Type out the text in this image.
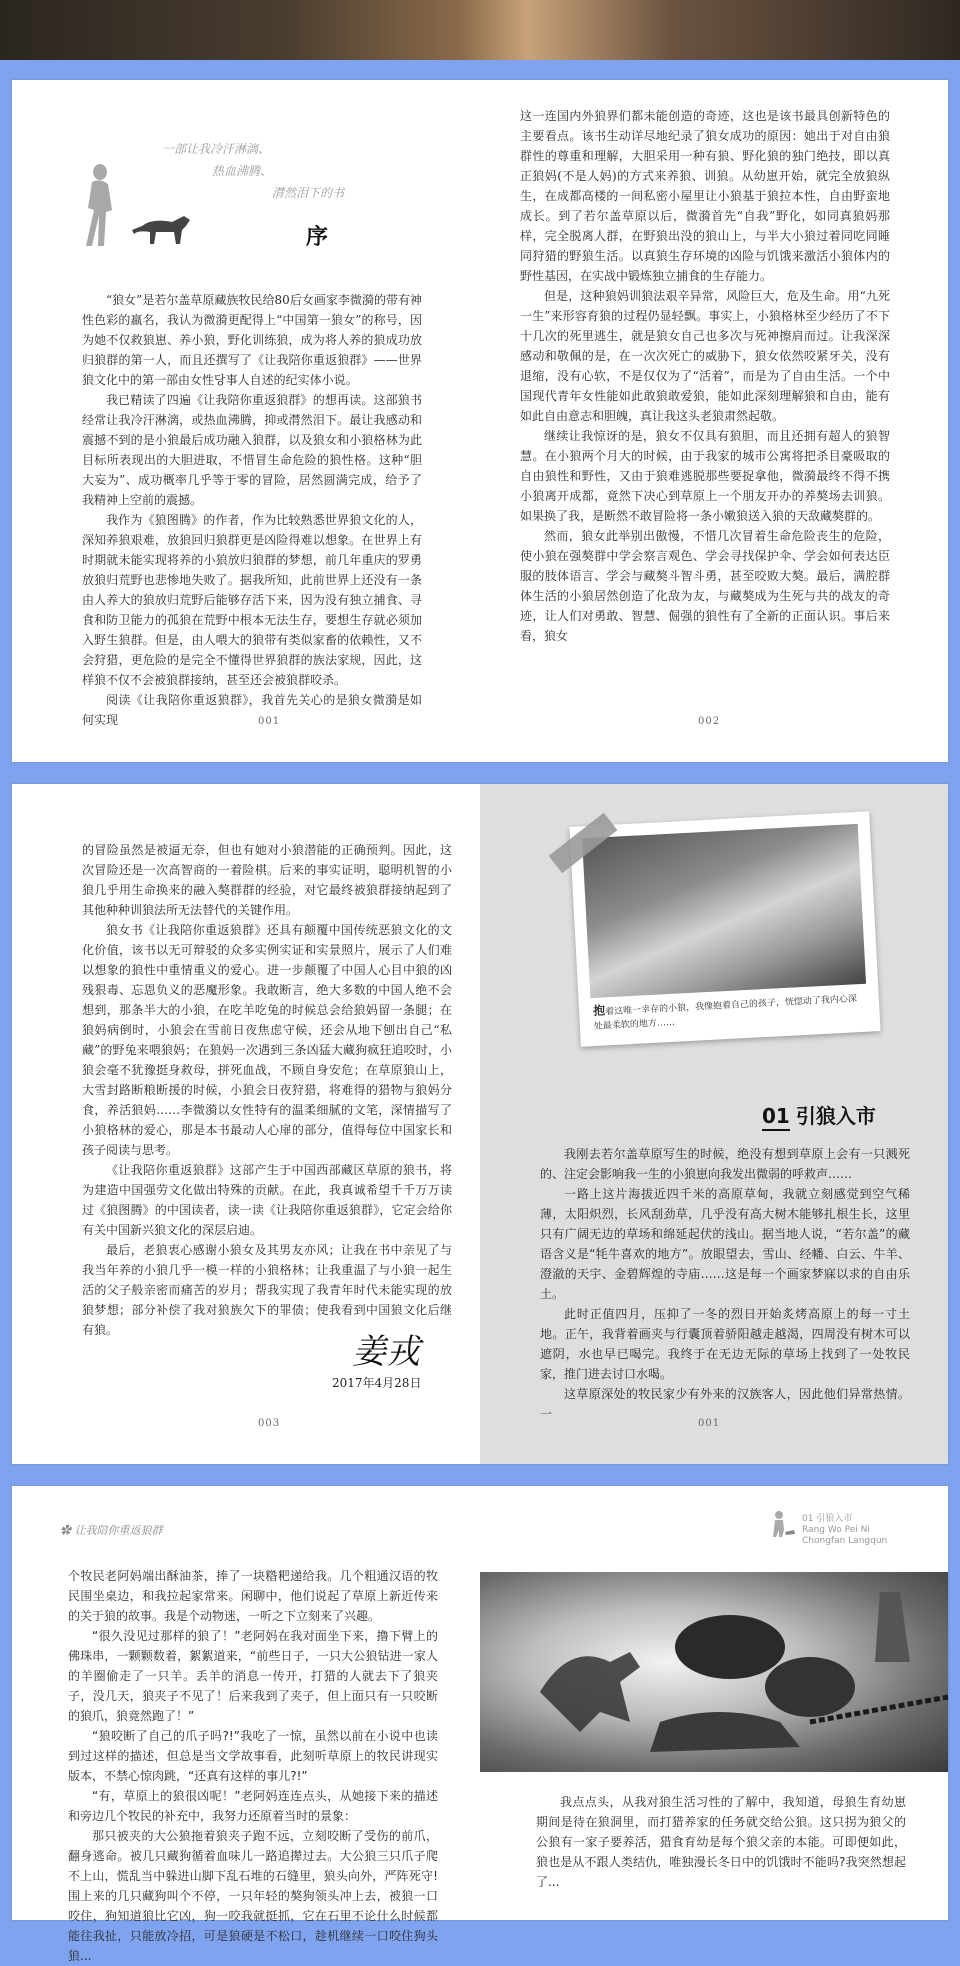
一部让我冷汗淋漓、
热血沸腾、
潸然泪下的书
序

“狼女”是若尔盖草原藏族牧民给80后女画家李微漪的带有神性色彩的羸名，我认为微漪更配得上“中国第一狼女”的称号，因为她不仅救狼崽、养小狼，野化训练狼，成为将人养的狼成功放归狼群的第一人，而且还撰写了《让我陪你重返狼群》——世界狼文化中的第一部由女性당事人自述的纪实体小说。

我已精读了四遍《让我陪你重返狼群》的想再读。这部狼书经常让我冷汗淋漓，或热血沸腾，抑或潸然泪下。最让我感动和震撼不到的是小狼最后成功融入狼群，以及狼女和小狼格林为此目标所表现出的大胆进取，不惜冒生命危险的狼性格。这种“胆大妄为”、成功概率几乎等于零的冒险，居然圆满完成，给予了我精神上空前的震撼。

我作为《狼图腾》的作者，作为比较熟悉世界狼文化的人，深知养狼艰难，放狼回归狼群更是凶险得难以想象。在世界上有时期就未能实现将养的小狼放归狼群的梦想，前几年重庆的罗勇放狼归荒野也悲惨地失败了。据我所知，此前世界上还没有一条由人养大的狼放归荒野后能够存活下来，因为没有独立捕食、寻食和防卫能力的孤狼在荒野中根本无法生存，要想生存就必须加入野生狼群。但是，由人喂大的狼带有类似家畜的依赖性，又不会狩猎，更危险的是完全不懂得世界狼群的族法家规，因此，这样狼不仅不会被狼群接纳，甚至还会被狼群咬杀。

阅读《让我陪你重返狼群》，我首先关心的是狼女微漪是如何实现	001

这一连国内外狼界们都未能创造的奇迹，这也是该书最具创新特色的主要看点。该书生动详尽地纪录了狼女成功的原因：她出于对自由狼群性的尊重和理解，大胆采用一种有狼、野化狼的独门绝技，即以真正狼妈(不是人妈)的方式来养狼、训狼。从幼崽开始，就完全放狼纵生，在成都高楼的一间私密小屋里让小狼基于狼拉本性，自由野蛮地成长。到了若尔盖草原以后，微漪首先“自我”野化，如同真狼妈那样，完全脱离人群，在野狼出没的狼山上，与半大小狼过着同吃同睡同狩猎的野狼生活。以真狼生存环境的凶险与饥饿来激活小狼体内的野性基因，在实战中锻炼独立捕食的生存能力。

但是，这种狼妈训狼法艰辛异常，风险巨大，危及生命。用“九死一生”来形容育狼的过程仍显轻飘。事实上，小狼格林至少经历了不下十几次的死里逃生，就是狼女自己也多次与死神擦肩而过。让我深深感动和敬佩的是，在一次次死亡的威胁下，狼女依然咬紧牙关，没有退缩，没有心软，不是仅仅为了“活着”，而是为了自由生活。一个中国现代青年女性能如此敢狼敢爱狼，能如此深刻理解狼和自由，能有如此自由意志和胆魄，真让我这头老狼肃然起敬。

继续让我惊讶的是，狼女不仅具有狼胆，而且还拥有超人的狼智慧。在小狼两个月大的时候，由于我家的城市公寓将把杀目豪吸取的自由狼性和野性，又由于狼难逃脱那些要捉拿他，微漪最终不得不携小狼离开成都，竟然下决心到草原上一个朋友开办的养獒场去训狼。如果换了我，是断然不敢冒险将一条小嫩狼送入狼的天敌藏獒群的。

然而，狼女此举别出傲慢，不惜几次冒着生命危险丧生的危险，使小狼在强獒群中学会察言观色、学会寻找保护伞、学会如何表达臣服的肢体语言、学会与藏獒斗智斗勇，甚至咬败大獒。最后，满腔群体生活的小狼居然创造了化敌为友，与藏獒成为生死与共的战友的奇迹，让人们对勇敢、智慧、倔强的狼性有了全新的正面认识。事后来看，狼女

002

的冒险虽然是被逼无奈，但也有她对小狼潜能的正确预判。因此，这次冒险还是一次高智商的一着险棋。后来的事实证明，聪明机智的小狼几乎用生命换来的融入獒群群的经验，对它最终被狼群接纳起到了其他种种训狼法所无法替代的关键作用。

狼女书《让我陪你重返狼群》还具有颠覆中国传统恶狼文化的文化价值，该书以无可辩驳的众多实例实证和实景照片，展示了人们难以想象的狼性中重情重义的爱心。进一步颠覆了中国人心目中狼的凶残狠毒、忘恩负义的恶魔形象。我敢断言，绝大多数的中国人绝不会想到，那条半大的小狼，在吃羊吃兔的时候总会给狼妈留一条腿；在狼妈病倒时，小狼会在雪前日夜焦虑守候，还会从地下刨出自己“私藏”的野兔来喂狼妈；在狼妈一次遇到三条凶猛大藏狗疯狂追咬时，小狼会毫不犹豫挺身救母，拼死血战，不顾自身安危；在草原狼山上，大雪封路断粮断援的时候，小狼会日夜狩猎，将难得的猎物与狼妈分食，养活狼妈……李微漪以女性特有的温柔细腻的文笔，深情描写了小狼格林的爱心，那是本书最动人心扉的部分，值得每位中国家长和孩子阅读与思考。

《让我陪你重返狼群》这部产生于中国西部藏区草原的狼书，将为建造中国强劳文化做出特殊的贡献。在此，我真诚希望千千万万读过《狼图腾》的中国读者，读一读《让我陪你重返狼群》，它定会给你有关中国新兴狼文化的深层启迪。

最后，老狼衷心感谢小狼女及其男友亦风；让我在书中亲见了与我当年养的小狼几乎一模一样的小狼格林；让我重温了与小狼一起生活的父子般亲密而痛苦的岁月；帮我实现了我青年时代未能实现的放狼梦想；部分补偿了我对狼族欠下的罪债；使我看到中国狼文化后继有狼。

姜戎
2017年4月28日
003
抱着这唯一幸存的小狼，我像抱着自己的孩子，恍惚动了我内心深处最柔软的地方……
01 引狼入市

我刚去若尔盖草原写生的时候，绝没有想到草原上会有一只溅死的、注定会影响我一生的小狼崽向我发出微弱的呼救声……

一路上这片海拔近四千米的高原草甸，我就立刻感觉到空气稀薄，太阳炽烈，长风刮劲草，几乎没有高大树木能够扎根生长，这里只有广阔无边的草场和绵延起伏的浅山。据当地人说，“若尔盖”的藏语含义是“牦牛喜欢的地方”。放眼望去，雪山、经幡、白云、牛羊、澄澈的天宇、金碧辉煌的寺庙……这是每一个画家梦寐以求的自由乐土。

此时正值四月，压抑了一冬的烈日开始炙烤高原上的每一寸土地。正午，我背着画夹与行囊顶着骄阳越走越渴，四周没有树木可以遮阴，水也早已喝完。我终于在无边无际的草场上找到了一处牧民家，推门进去讨口水喝。

这草原深处的牧民家少有外来的汉族客人，因此他们异常热情。一

001
✿ 让我陪你重返狼群

个牧民老阿妈端出酥油茶，捧了一块糌粑递给我。几个粗通汉语的牧民围坐桌边，和我拉起家常来。闲聊中，他们说起了草原上新近传来的关于狼的故事。我是个动物迷，一听之下立刻来了兴趣。

“很久没见过那样的狼了！”老阿妈在我对面坐下来，撸下臂上的佛珠串，一颗颗数着，絮絮道来，“前些日子，一只大公狼钻进一家人的羊圈偷走了一只羊。丢羊的消息一传开，打猎的人就去下了狼夹子，没几天，狼夹子不见了！后来我到了夹子，但上面只有一只咬断的狼爪，狼竟然跑了！”

“狼咬断了自己的爪子吗?!”我吃了一惊，虽然以前在小说中也读到过这样的描述，但总是当文学故事看，此刻听草原上的牧民讲现实版本，不禁心惊肉跳，“还真有这样的事儿?!”

“有，草原上的狼很凶呢！”老阿妈连连点头，从她接下来的描述和旁边几个牧民的补充中，我努力还原着当时的景象：

那只被夹的大公狼拖着狼夹子跑不远，立刻咬断了受伤的前爪，翻身逃命。被几只藏狗循着血味儿一路追撵过去。大公狼三只爪子爬不上山，慌乱当中躲进山脚下乱石堆的石缝里，狼头向外，严阵死守!围上来的几只藏狗叫个不停，一只年轻的獒狗领头冲上去，被狼一口咬住，狗知道狼比它凶，狗一咬我就挺抓，它在石里不论什么时候都能往我扯，只能放冷招，可是狼硬是不松口，趁机继续一口咬住狗头狼...

01 引狼入市
Rang Wo Pei Ni
Chongfan Langqun

我点点头，从我对狼生活习性的了解中，我知道，母狼生育幼崽期间是待在狼洞里，而打猎养家的任务就交给公狼。这只拐为狼父的公狼有一家子要养活，猎食育幼是每个狼父亲的本能。可即便如此，狼也是从不跟人类结仇，唯独漫长冬日中的饥饿时不能吗?我突然想起了...
